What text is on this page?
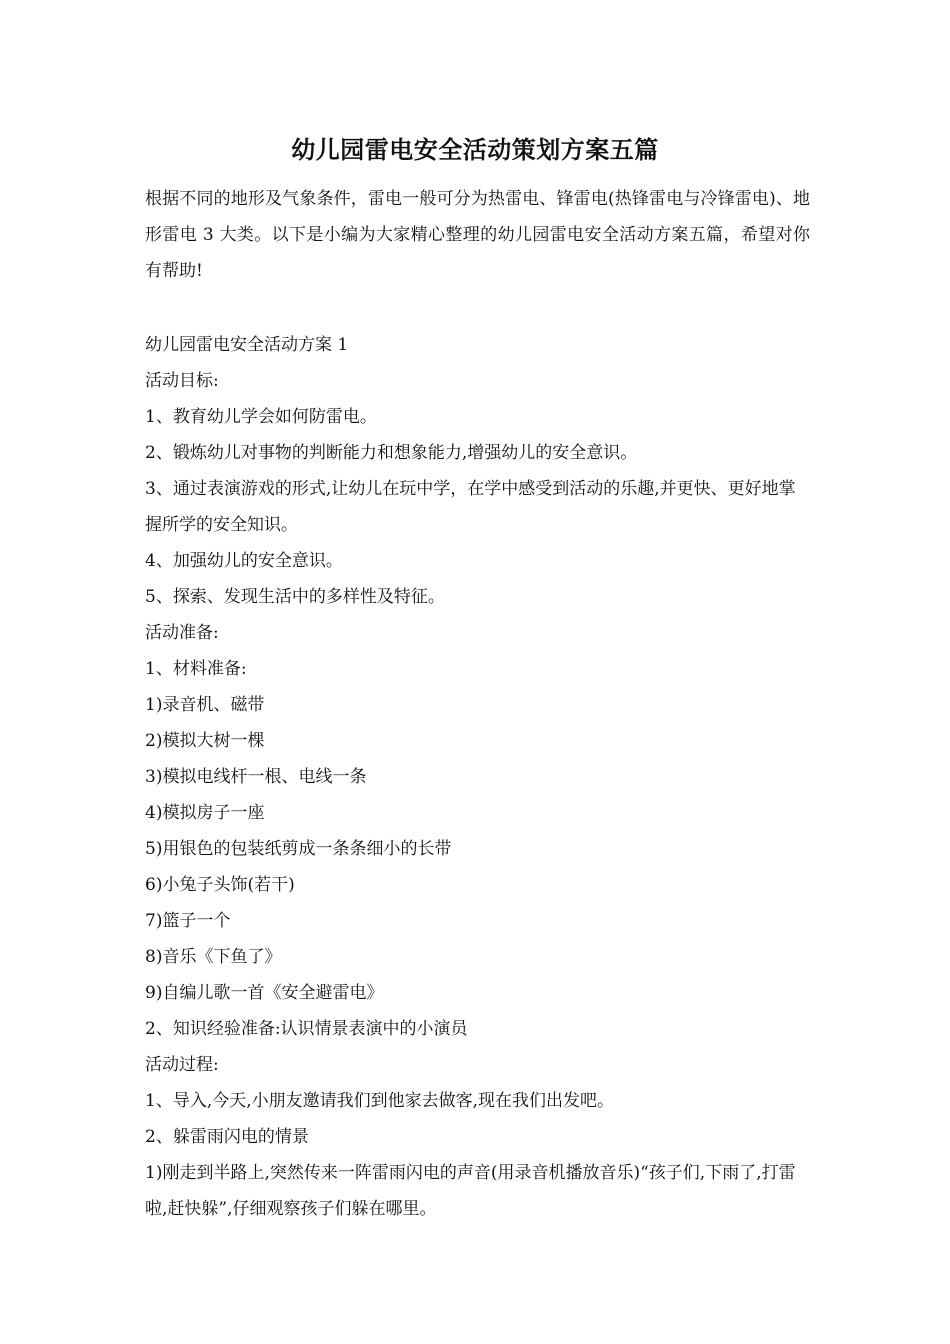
幼儿园雷电安全活动策划方案五篇
根据不同的地形及气象条件，雷电一般可分为热雷电、锋雷电(热锋雷电与冷锋雷电)、地形雷电 3 大类。以下是小编为大家精心整理的幼儿园雷电安全活动方案五篇，希望对你有帮助!
幼儿园雷电安全活动方案 1
活动目标:
1、教育幼儿学会如何防雷电。
2、锻炼幼儿对事物的判断能力和想象能力,增强幼儿的安全意识。
3、通过表演游戏的形式,让幼儿在玩中学，在学中感受到活动的乐趣,并更快、更好地掌握所学的安全知识。
4、加强幼儿的安全意识。
5、探索、发现生活中的多样性及特征。
活动准备:
1、材料准备:
1)录音机、磁带
2)模拟大树一棵
3)模拟电线杆一根、电线一条
4)模拟房子一座
5)用银色的包装纸剪成一条条细小的长带
6)小兔子头饰(若干)
7)篮子一个
8)音乐《下鱼了》
9)自编儿歌一首《安全避雷电》
2、知识经验准备:认识情景表演中的小演员
活动过程:
1、导入,今天,小朋友邀请我们到他家去做客,现在我们出发吧。
2、躲雷雨闪电的情景
1)刚走到半路上,突然传来一阵雷雨闪电的声音(用录音机播放音乐)“孩子们,下雨了,打雷啦,赶快躲”,仔细观察孩子们躲在哪里。
